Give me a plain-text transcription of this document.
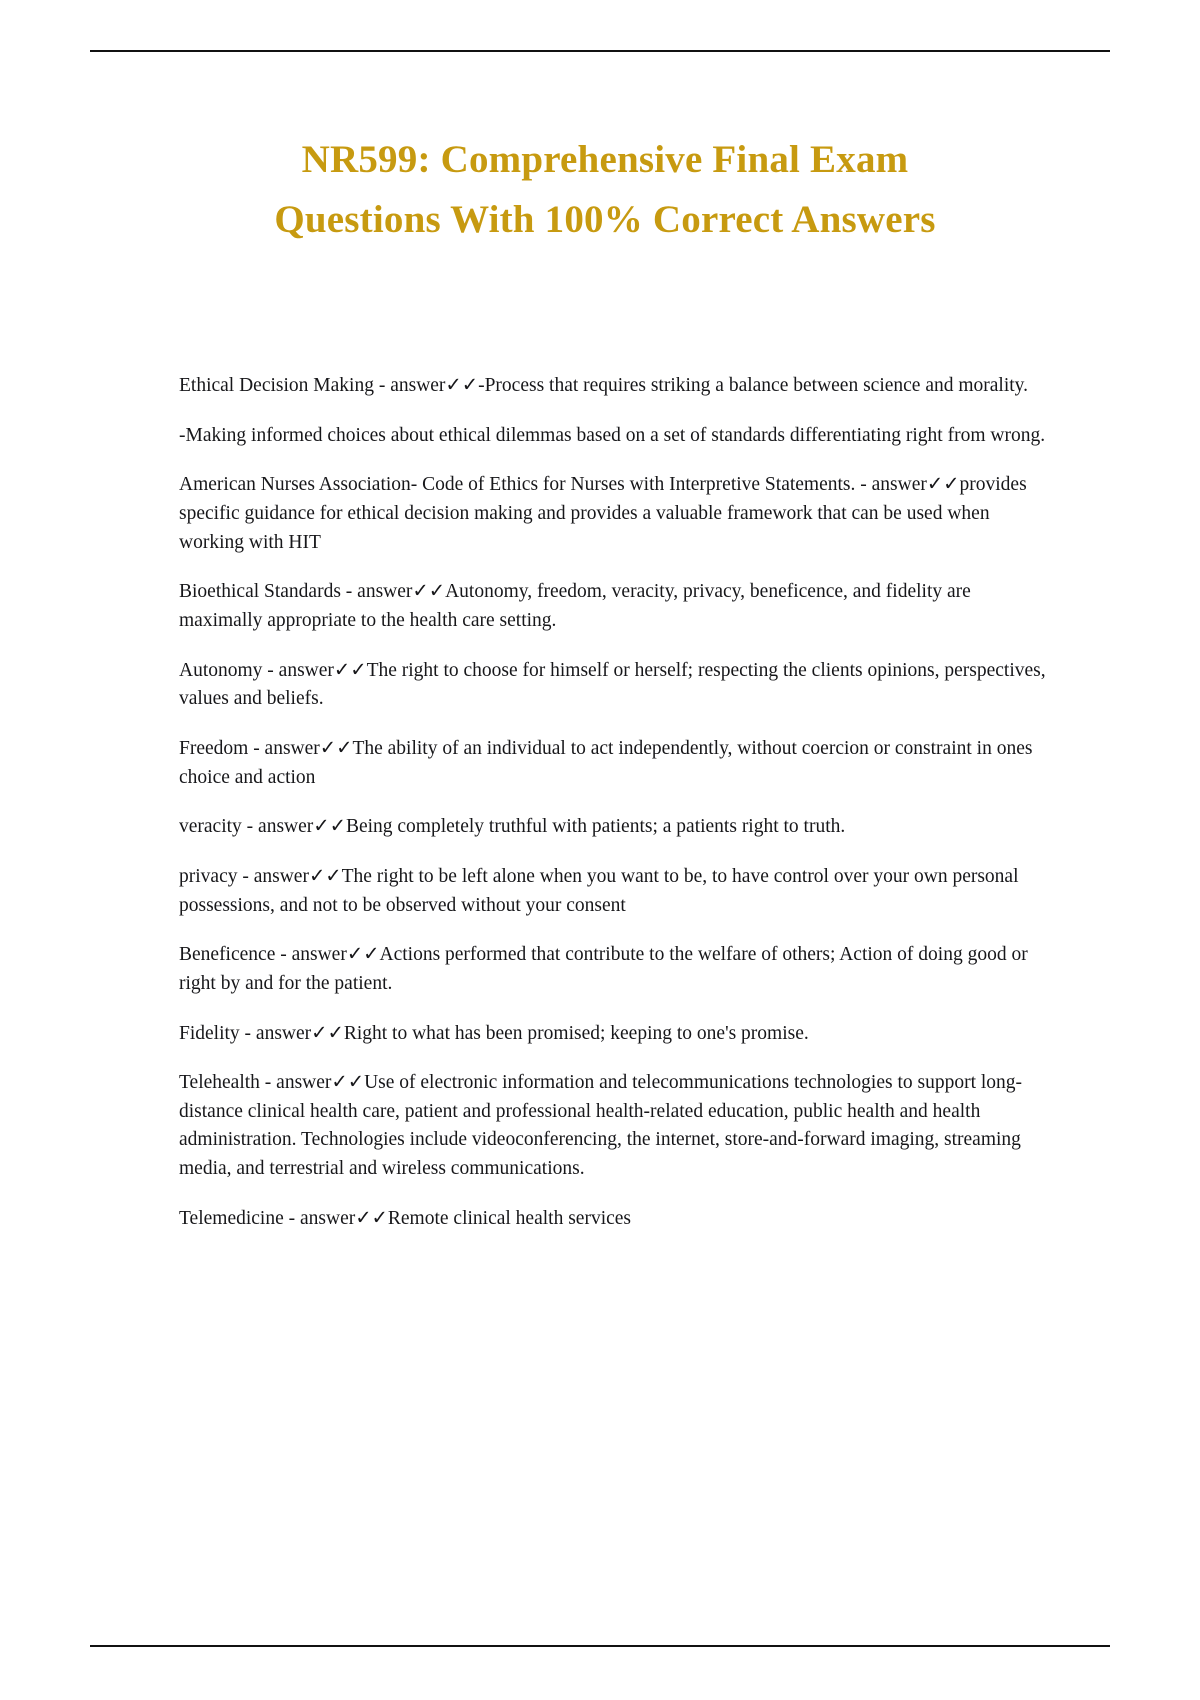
NR599: Comprehensive Final Exam
Questions With 100% Correct Answers

Ethical Decision Making - answer✓✓-Process that requires striking a balance between science and morality.

-Making informed choices about ethical dilemmas based on a set of standards differentiating right from wrong.

American Nurses Association- Code of Ethics for Nurses with Interpretive Statements. - answer✓✓provides specific guidance for ethical decision making and provides a valuable framework that can be used when working with HIT

Bioethical Standards - answer✓✓Autonomy, freedom, veracity, privacy, beneficence, and fidelity are maximally appropriate to the health care setting.

Autonomy - answer✓✓The right to choose for himself or herself; respecting the clients opinions, perspectives, values and beliefs.

Freedom - answer✓✓The ability of an individual to act independently, without coercion or constraint in ones choice and action

veracity - answer✓✓Being completely truthful with patients; a patients right to truth.

privacy - answer✓✓The right to be left alone when you want to be, to have control over your own personal possessions, and not to be observed without your consent

Beneficence - answer✓✓Actions performed that contribute to the welfare of others; Action of doing good or right by and for the patient.

Fidelity - answer✓✓Right to what has been promised; keeping to one's promise.

Telehealth - answer✓✓Use of electronic information and telecommunications technologies to support long-distance clinical health care, patient and professional health-related education, public health and health administration. Technologies include videoconferencing, the internet, store-and-forward imaging, streaming media, and terrestrial and wireless communications.

Telemedicine - answer✓✓Remote clinical health services
